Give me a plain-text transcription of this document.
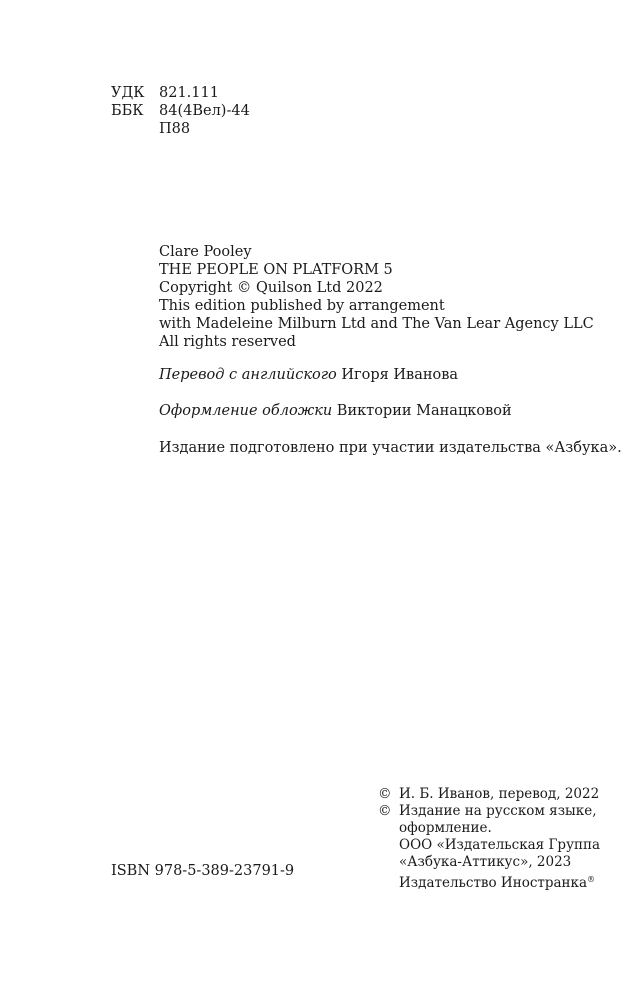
УДК	821.111
ББК	84(4Вел)-44
П88
Clare Pooley
THE PEOPLE ON PLATFORM 5
Copyright © Quilson Ltd 2022
This edition published by arrangement
with Madeleine Milburn Ltd and The Van Lear Agency LLC
All rights reserved
Перевод с английского Игоря Иванова
Оформление обложки Виктории Манацковой
Издание подготовлено при участии издательства «Азбука».
ISBN 978-5-389-23791-9
© И. Б. Иванов, перевод, 2022
© Издание на русском языке,
оформление.
ООО «Издательская Группа
«Азбука-Аттикус», 2023
Издательство Иностранка®
